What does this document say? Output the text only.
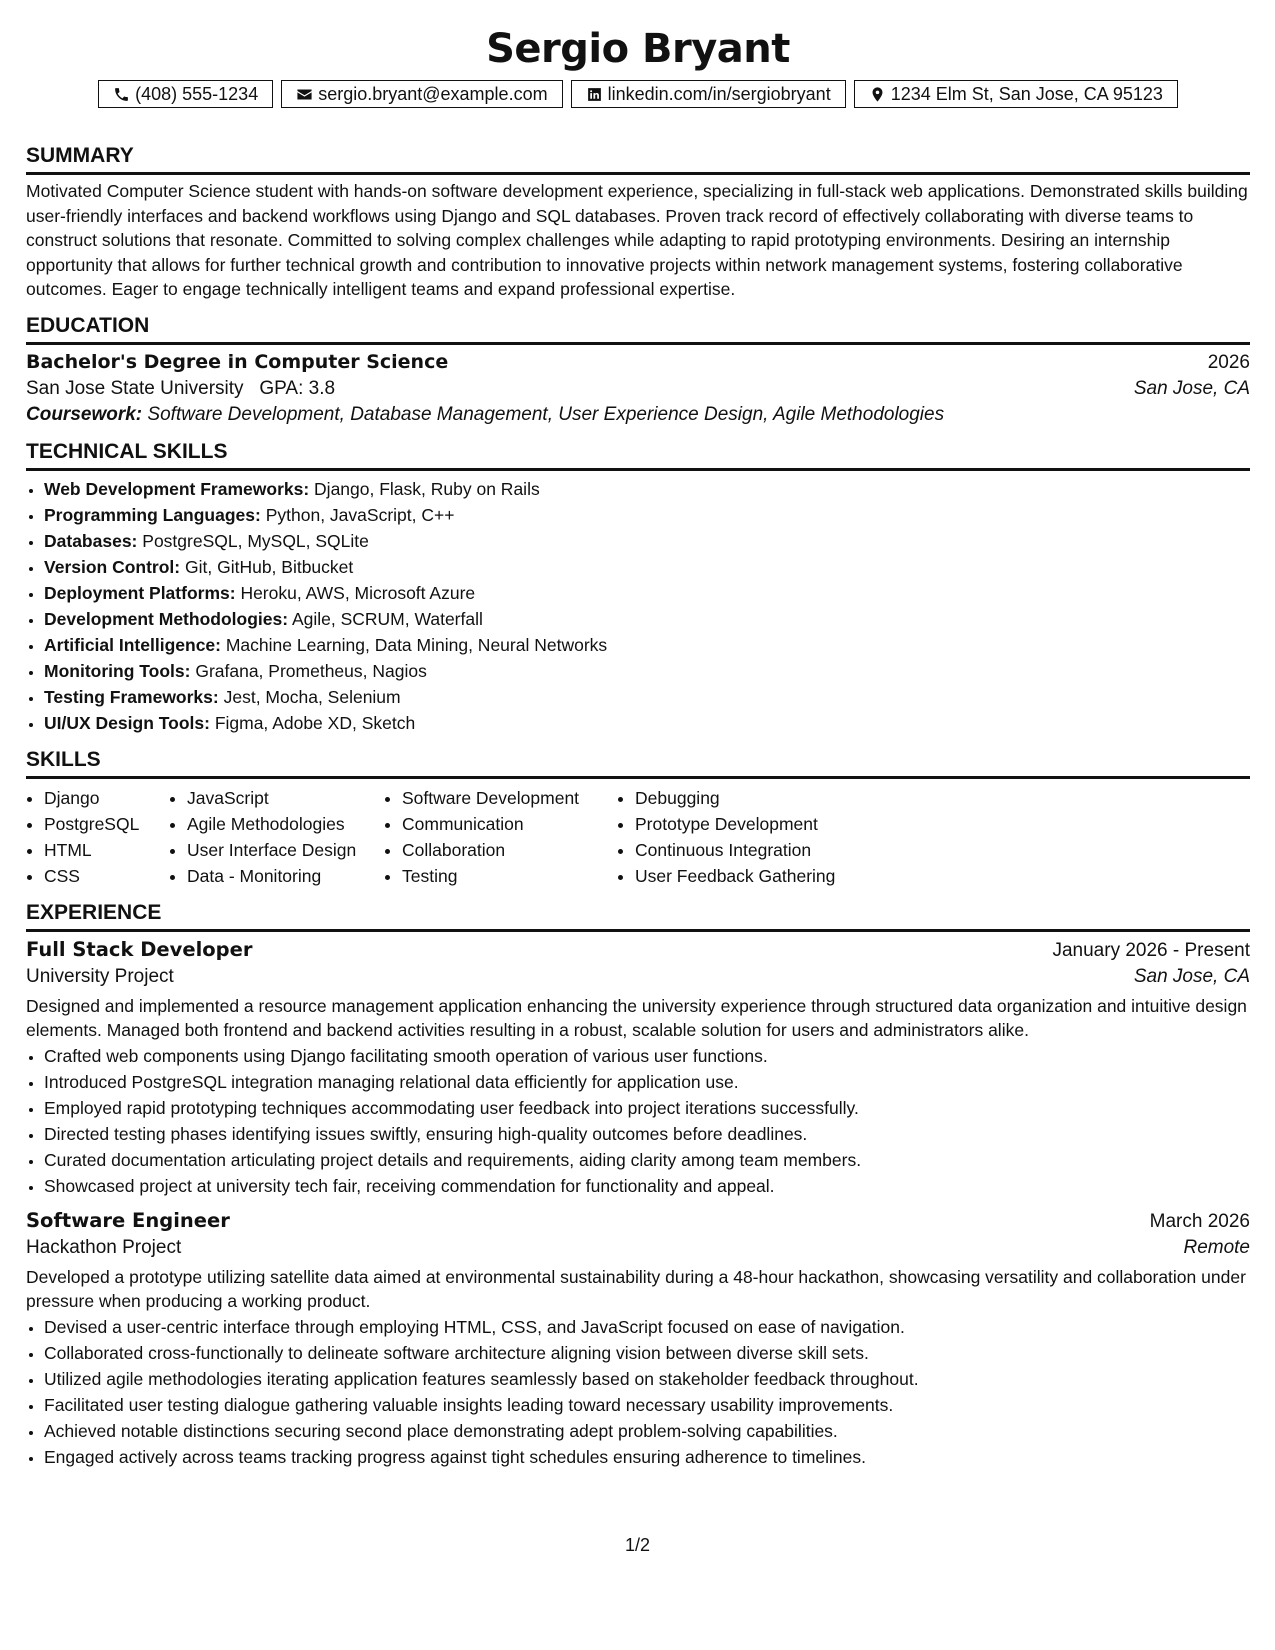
Sergio Bryant
(408) 555-1234	sergio.bryant@example.com	linkedin.com/in/sergiobryant	1234 Elm St, San Jose, CA 95123
SUMMARY

Motivated Computer Science student with hands-on software development experience, specializing in full-stack web applications. Demonstrated skills building user-friendly interfaces and backend workflows using Django and SQL databases. Proven track record of effectively collaborating with diverse teams to construct solutions that resonate. Committed to solving complex challenges while adapting to rapid prototyping environments. Desiring an internship opportunity that allows for further technical growth and contribution to innovative projects within network management systems, fostering collaborative outcomes. Eager to engage technically intelligent teams and expand professional expertise.

EDUCATION
Bachelor's Degree in Computer Science	2026
San Jose State University GPA: 3.8	San Jose, CA
Coursework: Software Development, Database Management, User Experience Design, Agile Methodologies
TECHNICAL SKILLS
• Web Development Frameworks: Django, Flask, Ruby on Rails
• Programming Languages: Python, JavaScript, C++
• Databases: PostgreSQL, MySQL, SQLite
• Version Control: Git, GitHub, Bitbucket
• Deployment Platforms: Heroku, AWS, Microsoft Azure
• Development Methodologies: Agile, SCRUM, Waterfall
• Artificial Intelligence: Machine Learning, Data Mining, Neural Networks
• Monitoring Tools: Grafana, Prometheus, Nagios
• Testing Frameworks: Jest, Mocha, Selenium
• UI/UX Design Tools: Figma, Adobe XD, Sketch
SKILLS
• Django
• PostgreSQL
• HTML
• CSS
• JavaScript
• Agile Methodologies
• User Interface Design
• Data - Monitoring
• Software Development
• Communication
• Collaboration
• Testing
• Debugging
• Prototype Development
• Continuous Integration
• User Feedback Gathering
EXPERIENCE
Full Stack Developer	January 2026 - Present
University Project	San Jose, CA

Designed and implemented a resource management application enhancing the university experience through structured data organization and intuitive design elements. Managed both frontend and backend activities resulting in a robust, scalable solution for users and administrators alike.

• Crafted web components using Django facilitating smooth operation of various user functions.
• Introduced PostgreSQL integration managing relational data efficiently for application use.
• Employed rapid prototyping techniques accommodating user feedback into project iterations successfully.
• Directed testing phases identifying issues swiftly, ensuring high-quality outcomes before deadlines.
• Curated documentation articulating project details and requirements, aiding clarity among team members.
• Showcased project at university tech fair, receiving commendation for functionality and appeal.
Software Engineer	March 2026
Hackathon Project	Remote

Developed a prototype utilizing satellite data aimed at environmental sustainability during a 48-hour hackathon, showcasing versatility and collaboration under pressure when producing a working product.

• Devised a user-centric interface through employing HTML, CSS, and JavaScript focused on ease of navigation.
• Collaborated cross-functionally to delineate software architecture aligning vision between diverse skill sets.
• Utilized agile methodologies iterating application features seamlessly based on stakeholder feedback throughout.
• Facilitated user testing dialogue gathering valuable insights leading toward necessary usability improvements.
• Achieved notable distinctions securing second place demonstrating adept problem-solving capabilities.
• Engaged actively across teams tracking progress against tight schedules ensuring adherence to timelines.
1/2
